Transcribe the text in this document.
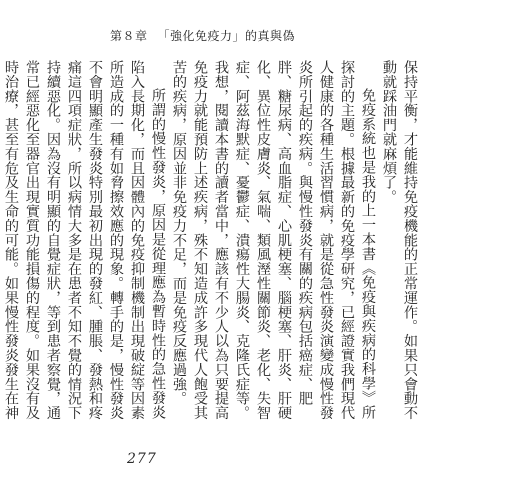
第８章 「強化免疫力」的真與偽

保持平衡，才能維持免疫機能的正常運作。如果只會動不動就踩油門就麻煩了。

免疫系統也是我的上一本書《免疫與疾病的科學》所探討的主題。根據最新的免疫學研究，已經證實我們現代人健康的各種生活習慣病，就是從急性發炎演變成慢性發炎所引起的疾病。與慢性發炎有關的疾病包括癌症、肥胖、糖尿病、高血脂症、心肌梗塞、腦梗塞、肝炎、肝硬化、異位性皮膚炎、氣喘、類風溼性關節炎、老化、失智症、阿茲海默症、憂鬱症、潰瘍性大腸炎、克隆氏症等。我想，閱讀本書的讀者當中，應該有不少人以為只要提高免疫力就能預防上述疾病，殊不知造成許多現代人飽受其苦的疾病，原因並非免疫力不足，而是免疫反應過強。

所謂的慢性發炎，原因是從理應為暫時性的急性發炎陷入長期化，而且因體內的免疫抑制機制出現破綻等因素所造成的一種有如脅擦效應的現象。轉手的是，慢性發炎不會明顯產生發炎特別最初出現的發紅、腫脹、發熱和疼痛這四項症狀，所以病情大多是在患者不知不覺的情況下持續惡化。因為沒有明顯的自覺症狀，等到患者察覺，通常已經惡化至器官出現實質功能損傷的程度。如果沒有及時治療，甚至有危及生命的可能。如果慢性發炎發生在神

277
